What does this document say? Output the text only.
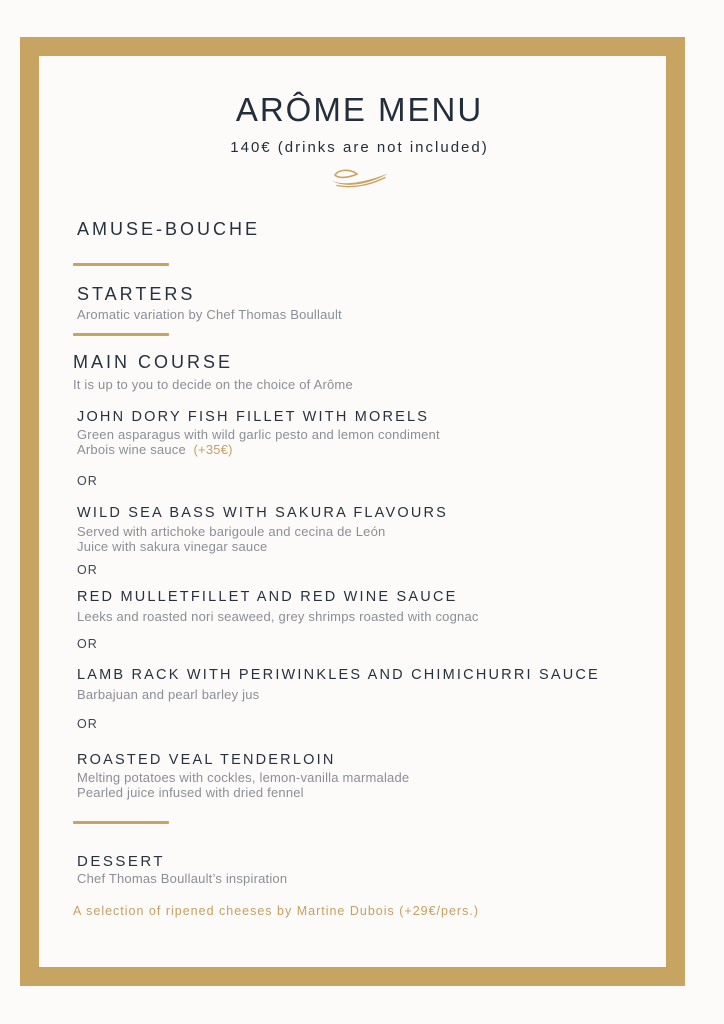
ARÔME MENU

140€ (drinks are not included)

AMUSE-BOUCHE
STARTERS

Aromatic variation by Chef Thomas Boullault

MAIN COURSE

It is up to you to decide on the choice of Arôme

JOHN DORY FISH FILLET WITH MORELS

Green asparagus with wild garlic pesto and lemon condiment

Arbois wine sauce (+35€)

OR

WILD SEA BASS WITH SAKURA FLAVOURS

Served with artichoke barigoule and cecina de León

Juice with sakura vinegar sauce

OR

RED MULLETFILLET AND RED WINE SAUCE

Leeks and roasted nori seaweed, grey shrimps roasted with cognac

OR

LAMB RACK WITH PERIWINKLES AND CHIMICHURRI SAUCE

Barbajuan and pearl barley jus

OR

ROASTED VEAL TENDERLOIN

Melting potatoes with cockles, lemon-vanilla marmalade

Pearled juice infused with dried fennel

DESSERT

Chef Thomas Boullault’s inspiration

A selection of ripened cheeses by Martine Dubois (+29€/pers.)
